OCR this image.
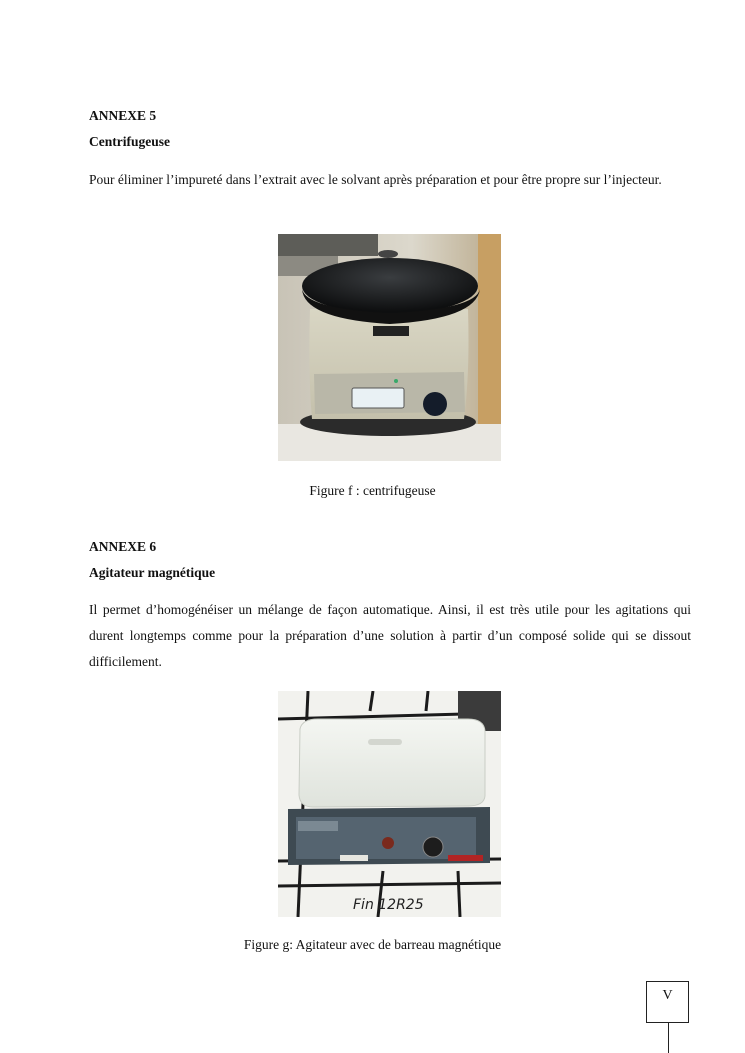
ANNEXE 5
Centrifugeuse
Pour éliminer l’impureté dans l’extrait avec le solvant après préparation et pour être propre sur l’injecteur.
Figure f : centrifugeuse
ANNEXE 6
Agitateur magnétique
Il permet d’homogénéiser un mélange de façon automatique. Ainsi, il est très utile pour les agitations qui durent longtemps comme pour la préparation d’une solution à partir d’un composé solide qui se dissout difficilement.
Fin 12R25
Figure g: Agitateur avec de barreau magnétique
V
